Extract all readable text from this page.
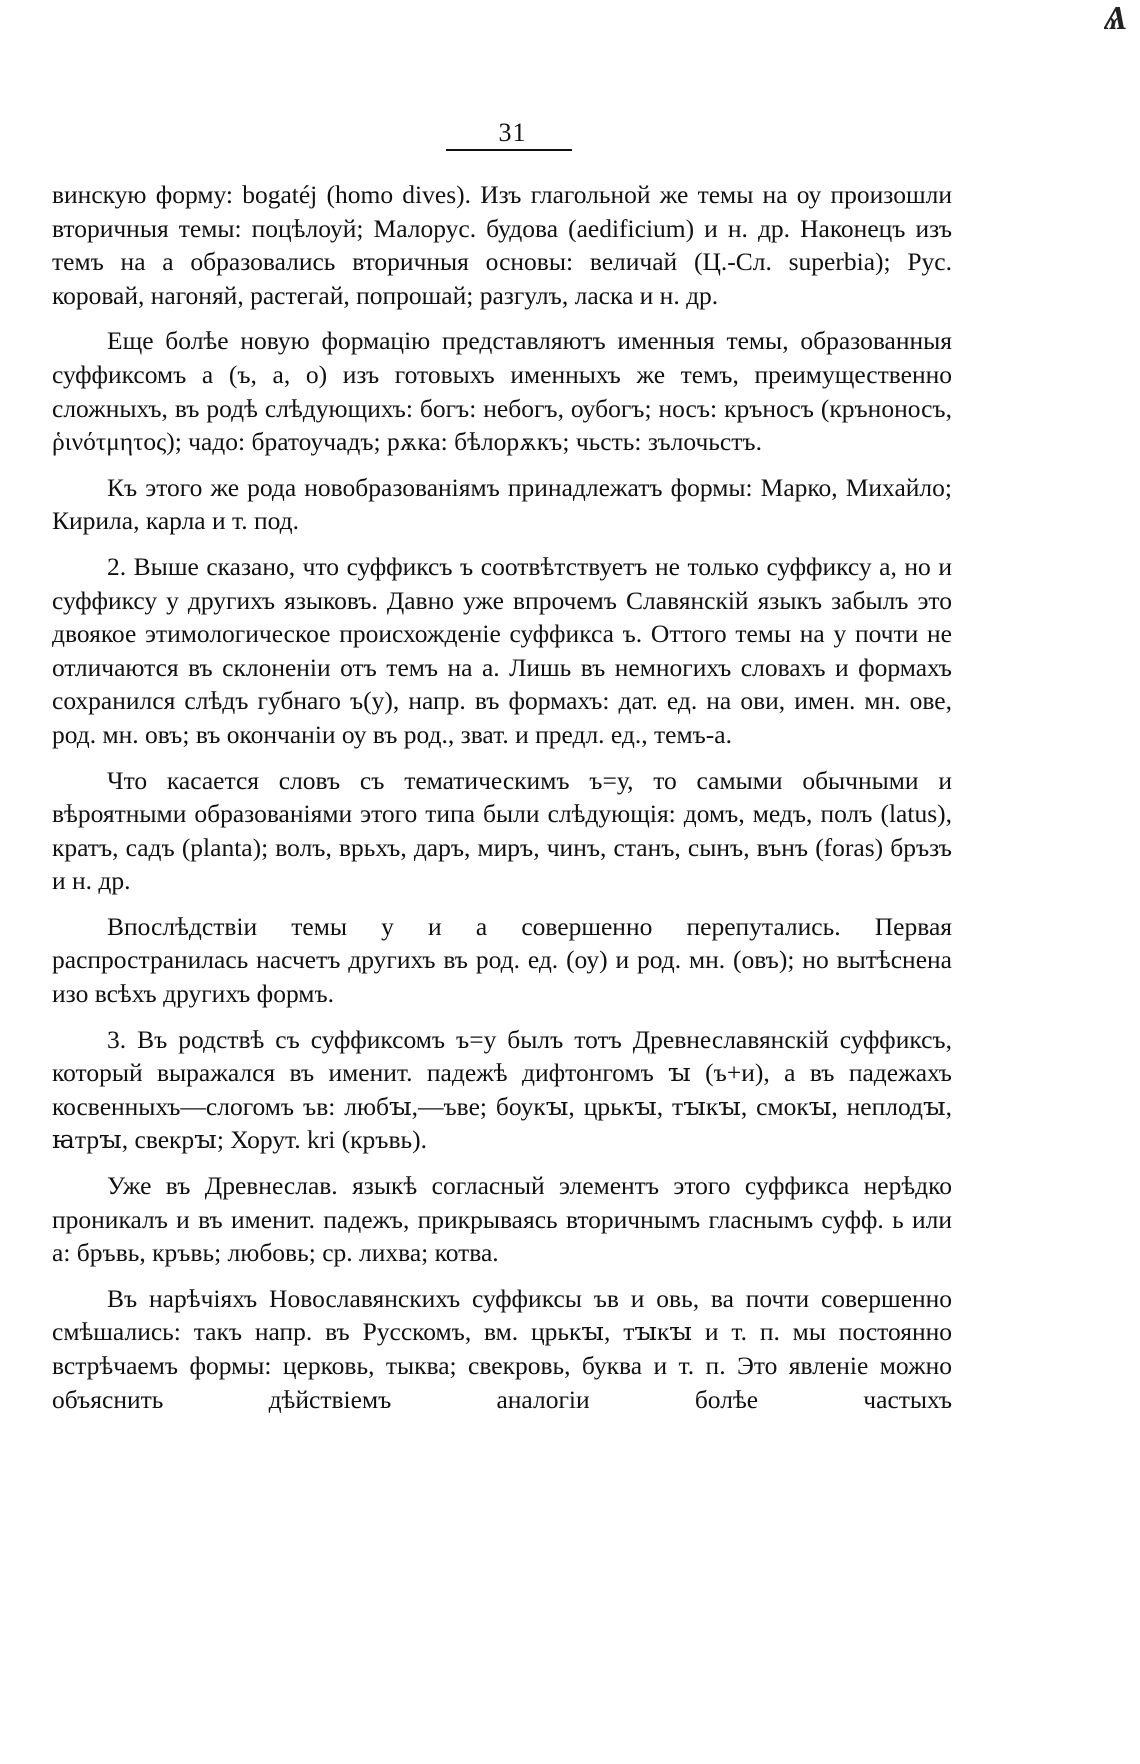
31
Ѧ

винскую форму: bogatéj (homo dives). Изъ глагольной же темы на оу произошли вторичныя темы: поцѣлоуй; Малорус. будова (aedificium) и н. др. Наконецъ изъ темъ на а образовались вторичныя основы: величай (Ц.-Сл. superbia); Рус. коровай, нагоняй, растегай, попрошай; разгулъ, ласка и н. др.

Еще болѣе новую формацію представляютъ именныя темы, образованныя суффиксомъ а (ъ, а, о) изъ готовыхъ именныхъ же темъ, преимущественно сложныхъ, въ родѣ слѣдующихъ: богъ: небогъ, оубогъ; носъ: кръносъ (кръноносъ, ῥινότμητος); чадо: братоучадъ; рѫка: бѣлорѫкъ; чьсть: зълочьстъ.

Къ этого же рода новобразованіямъ принадлежатъ формы: Марко, Михайло; Кирила, карла и т. под.

2. Выше сказано, что суффиксъ ъ соотвѣтствуетъ не только суффиксу а, но и суффиксу у другихъ языковъ. Давно уже впрочемъ Славянскій языкъ забылъ это двоякое этимологическое происхожденіе суффикса ъ. Оттого темы на у почти не отличаются въ склоненіи отъ темъ на а. Лишь въ немногихъ словахъ и формахъ сохранился слѣдъ губнаго ъ(у), напр. въ формахъ: дат. ед. на ови, имен. мн. ове, род. мн. овъ; въ окончаніи оу въ род., зват. и предл. ед., темъ-а.

Что касается словъ съ тематическимъ ъ=у, то самыми обычными и вѣроятными образованіями этого типа были слѣдующія: домъ, медъ, полъ (latus), кратъ, садъ (planta); волъ, врьхъ, даръ, миръ, чинъ, станъ, сынъ, вънъ (foras) бръзъ и н. др.

Впослѣдствіи темы у и а совершенно перепутались. Первая распространилась насчетъ другихъ въ род. ед. (оу) и род. мн. (овъ); но вытѣснена изо всѣхъ другихъ формъ.

3. Въ родствѣ съ суффиксомъ ъ=у былъ тотъ Древнеславянскій суффиксъ, который выражался въ именит. падежѣ дифтонгомъ ꙑ (ъ+и), а въ падежахъ косвенныхъ—слогомъ ъв: любꙑ,—ъве; боукꙑ, црькꙑ, тꙑкꙑ, смокꙑ, неплодꙑ, ꙗтрꙑ, свекрꙑ; Хорут. kri (кръвь).

Уже въ Древнеслав. языкѣ согласный элементъ этого суффикса нерѣдко проникалъ и въ именит. падежъ, прикрываясь вторичнымъ гласнымъ суфф. ь или а: бръвь, кръвь; любовь; ср. лихва; котва.

Въ нарѣчіяхъ Новославянскихъ суффиксы ъв и овь, ва почти совершенно смѣшались: такъ напр. въ Русскомъ, вм. црькꙑ, тꙑкꙑ и т. п. мы постоянно встрѣчаемъ формы: церковь, тыква; свекровь, буква и т. п. Это явленіе можно объяснить дѣйствіемъ аналогіи болѣе частыхъ
